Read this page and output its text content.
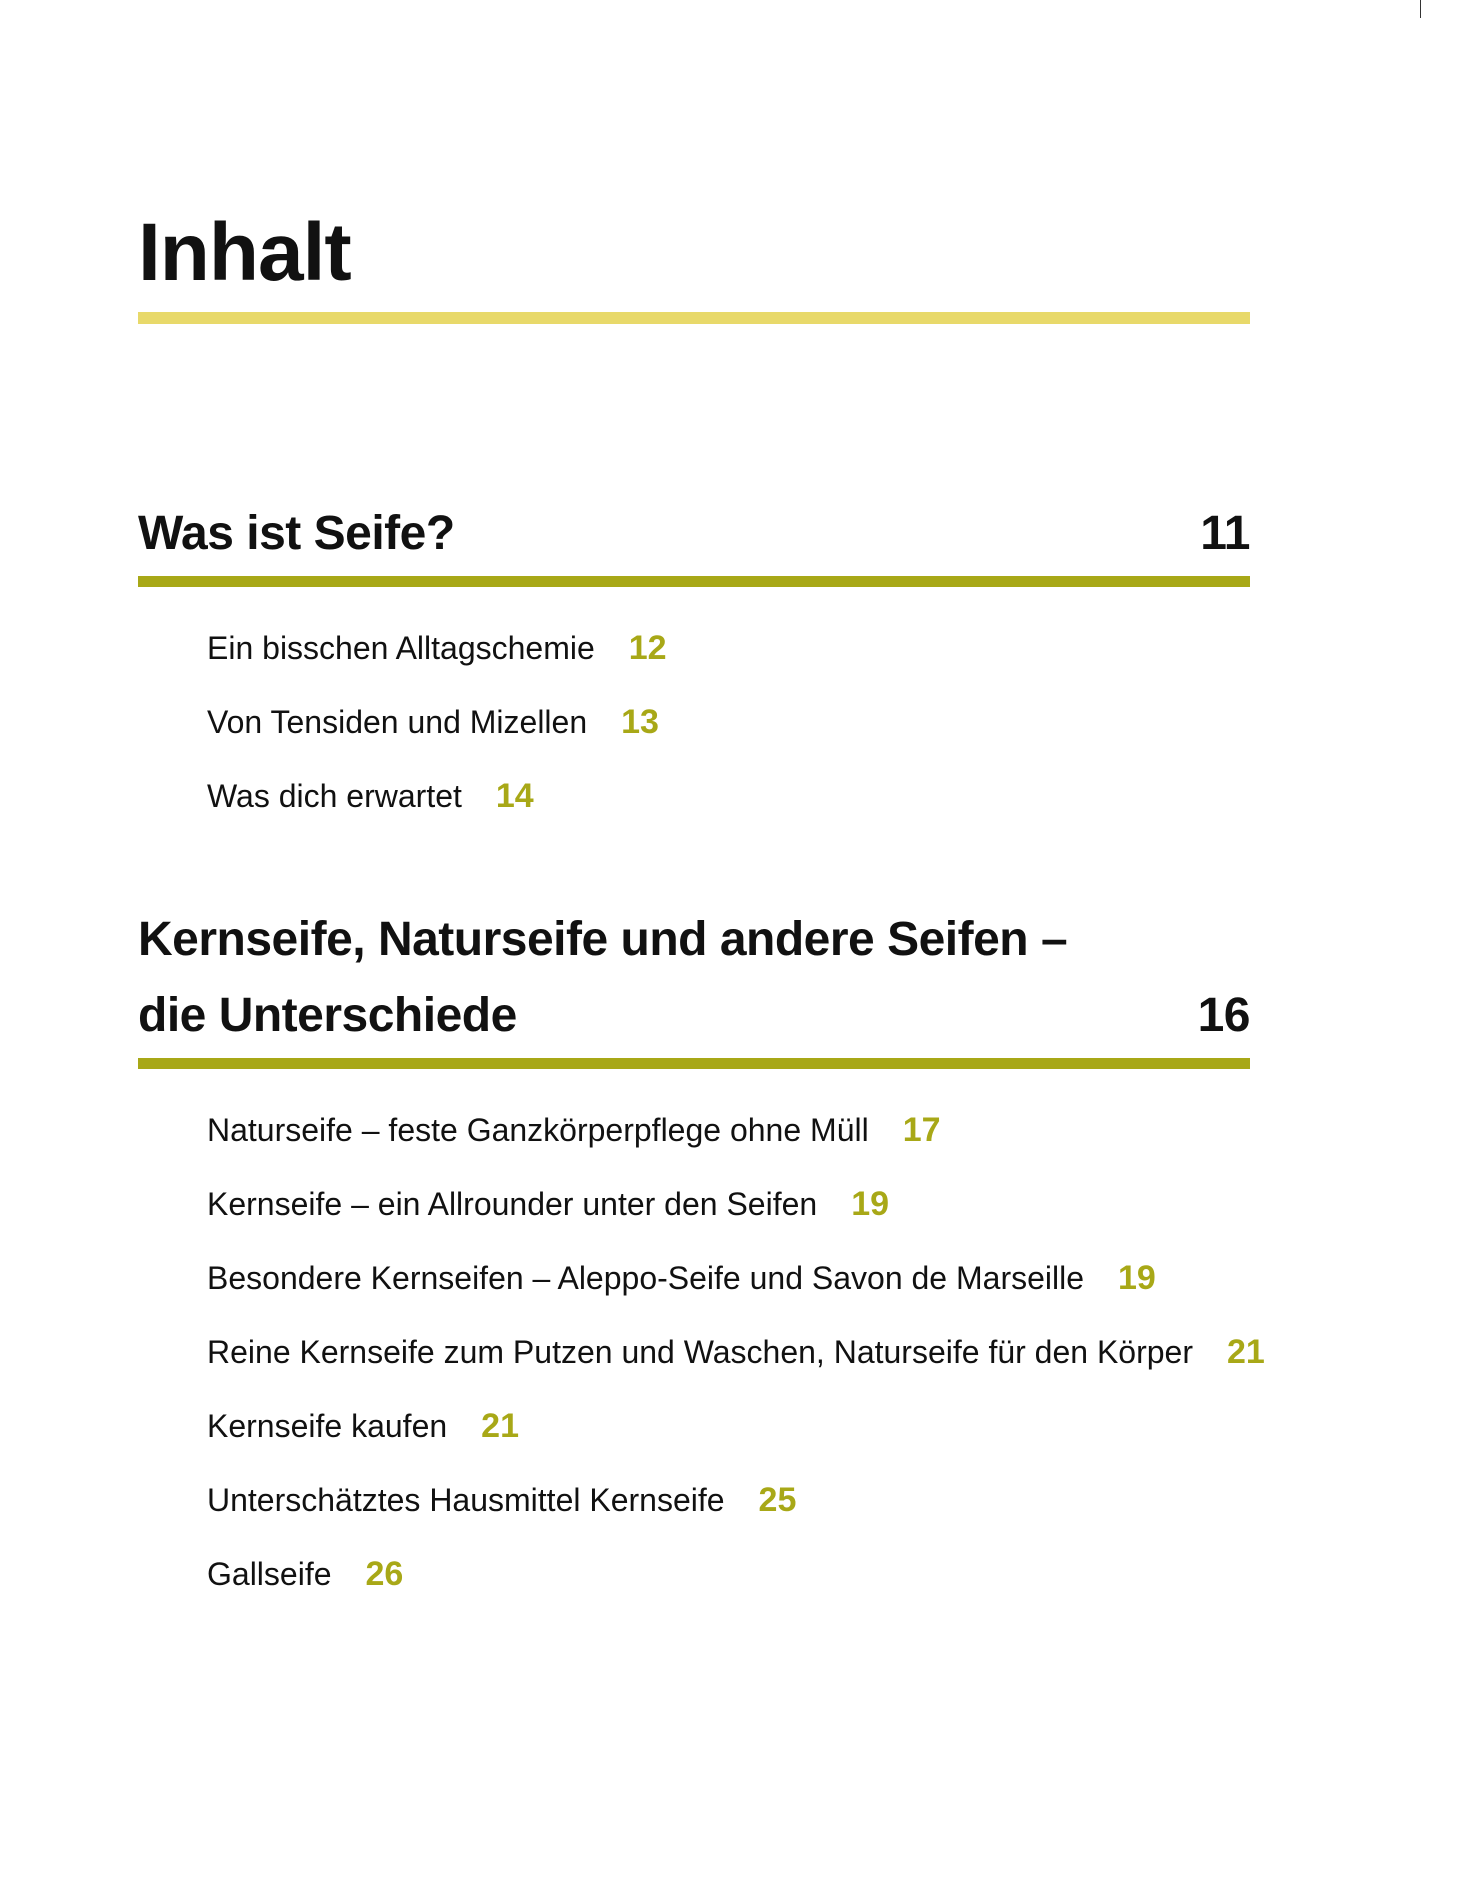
Inhalt
Was ist Seife?	11
Ein bisschen Alltagschemie 12
Von Tensiden und Mizellen 13
Was dich erwartet 14
Kernseife, Naturseife und andere Seifen –
die Unterschiede	16
Naturseife – feste Ganzkörperpflege ohne Müll 17
Kernseife – ein Allrounder unter den Seifen 19
Besondere Kernseifen – Aleppo-Seife und Savon de Marseille 19
Reine Kernseife zum Putzen und Waschen, Naturseife für den Körper 21
Kernseife kaufen 21
Unterschätztes Hausmittel Kernseife 25
Gallseife 26
